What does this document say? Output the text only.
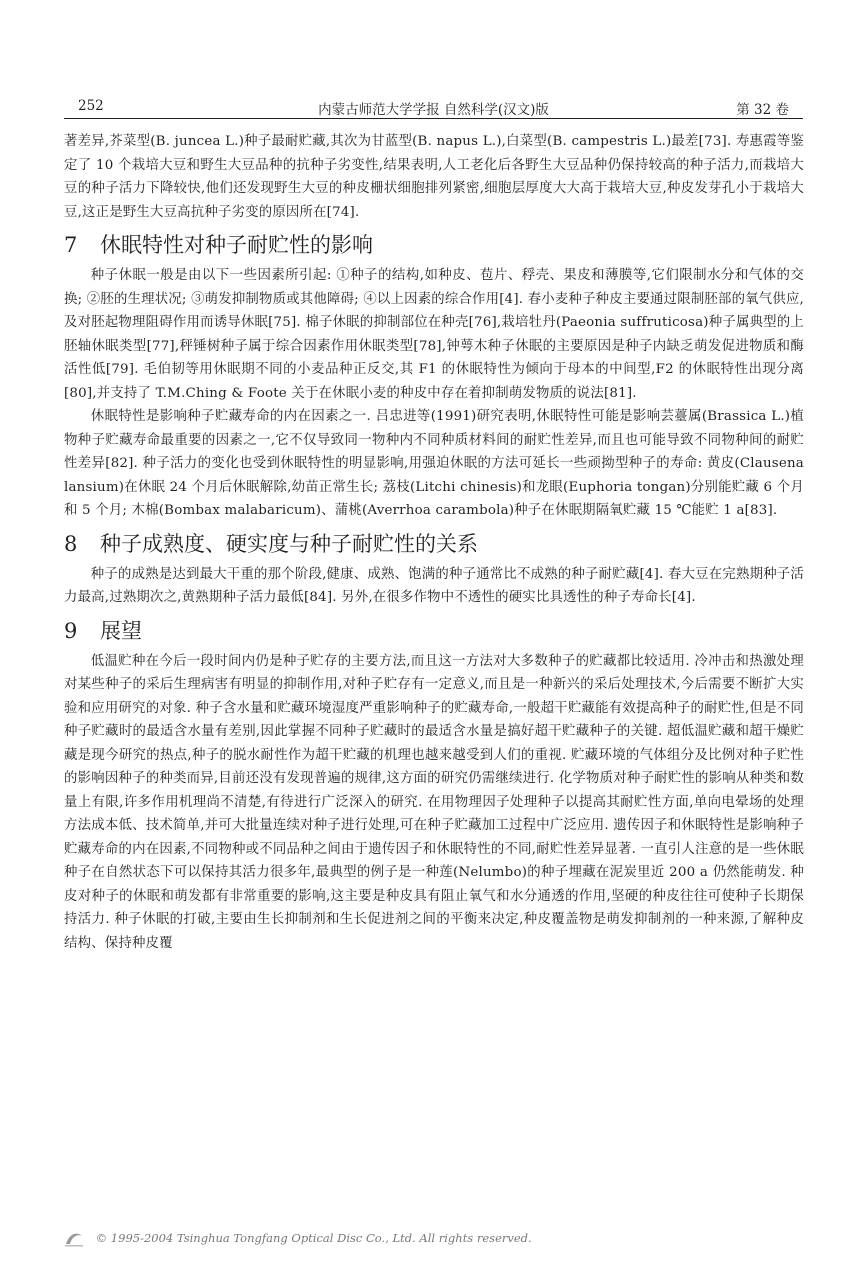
252	内蒙古师范大学学报 自然科学(汉文)版	第 32 卷

著差异,芥菜型(B. juncea L.)种子最耐贮藏,其次为甘蓝型(B. napus L.),白菜型(B. campestris L.)最差[73]. 寿惠霞等鉴定了 10 个栽培大豆和野生大豆品种的抗种子劣变性,结果表明,人工老化后各野生大豆品种仍保持较高的种子活力,而栽培大豆的种子活力下降较快,他们还发现野生大豆的种皮栅状细胞排列紧密,细胞层厚度大大高于栽培大豆,种皮发芽孔小于栽培大豆,这正是野生大豆高抗种子劣变的原因所在[74].

7 休眠特性对种子耐贮性的影响

种子休眠一般是由以下一些因素所引起: ①种子的结构,如种皮、苞片、稃壳、果皮和薄膜等,它们限制水分和气体的交换; ②胚的生理状况; ③萌发抑制物质或其他障碍; ④以上因素的综合作用[4]. 春小麦种子种皮主要通过限制胚部的氧气供应,及对胚起物理阻碍作用而诱导休眠[75]. 棉子休眠的抑制部位在种壳[76],栽培牡丹(Paeonia suffruticosa)种子属典型的上胚轴休眠类型[77],秤锤树种子属于综合因素作用休眠类型[78],钟萼木种子休眠的主要原因是种子内缺乏萌发促进物质和酶活性低[79]. 毛伯韧等用休眠期不同的小麦品种正反交,其 F1 的休眠特性为倾向于母本的中间型,F2 的休眠特性出现分离[80],并支持了 T.M.Ching & Foote 关于在休眠小麦的种皮中存在着抑制萌发物质的说法[81].

休眠特性是影响种子贮藏寿命的内在因素之一. 吕忠进等(1991)研究表明,休眠特性可能是影响芸薹属(Brassica L.)植物种子贮藏寿命最重要的因素之一,它不仅导致同一物种内不同种质材料间的耐贮性差异,而且也可能导致不同物种间的耐贮性差异[82]. 种子活力的变化也受到休眠特性的明显影响,用强迫休眠的方法可延长一些顽拗型种子的寿命: 黄皮(Clausena lansium)在休眠 24 个月后休眠解除,幼苗正常生长; 荔枝(Litchi chinesis)和龙眼(Euphoria tongan)分别能贮藏 6 个月和 5 个月; 木棉(Bombax malabaricum)、蒲桃(Averrhoa carambola)种子在休眠期隔氧贮藏 15 ℃能贮 1 a[83].

8 种子成熟度、硬实度与种子耐贮性的关系

种子的成熟是达到最大干重的那个阶段,健康、成熟、饱满的种子通常比不成熟的种子耐贮藏[4]. 春大豆在完熟期种子活力最高,过熟期次之,黄熟期种子活力最低[84]. 另外,在很多作物中不透性的硬实比具透性的种子寿命长[4].

9 展望

低温贮种在今后一段时间内仍是种子贮存的主要方法,而且这一方法对大多数种子的贮藏都比较适用. 冷冲击和热激处理对某些种子的采后生理病害有明显的抑制作用,对种子贮存有一定意义,而且是一种新兴的采后处理技术,今后需要不断扩大实验和应用研究的对象. 种子含水量和贮藏环境湿度严重影响种子的贮藏寿命,一般超干贮藏能有效提高种子的耐贮性,但是不同种子贮藏时的最适含水量有差别,因此掌握不同种子贮藏时的最适含水量是搞好超干贮藏种子的关键. 超低温贮藏和超干燥贮藏是现今研究的热点,种子的脱水耐性作为超干贮藏的机理也越来越受到人们的重视. 贮藏环境的气体组分及比例对种子贮性的影响因种子的种类而异,目前还没有发现普遍的规律,这方面的研究仍需继续进行. 化学物质对种子耐贮性的影响从种类和数量上有限,许多作用机理尚不清楚,有待进行广泛深入的研究. 在用物理因子处理种子以提高其耐贮性方面,单向电晕场的处理方法成本低、技术简单,并可大批量连续对种子进行处理,可在种子贮藏加工过程中广泛应用. 遗传因子和休眠特性是影响种子贮藏寿命的内在因素,不同物种或不同品种之间由于遗传因子和休眠特性的不同,耐贮性差异显著. 一直引人注意的是一些休眠种子在自然状态下可以保持其活力很多年,最典型的例子是一种莲(Nelumbo)的种子埋藏在泥炭里近 200 a 仍然能萌发. 种皮对种子的休眠和萌发都有非常重要的影响,这主要是种皮具有阻止氧气和水分通透的作用,坚硬的种皮往往可使种子长期保持活力. 种子休眠的打破,主要由生长抑制剂和生长促进剂之间的平衡来决定,种皮覆盖物是萌发抑制剂的一种来源,了解种皮结构、保持种皮覆

© 1995-2004 Tsinghua Tongfang Optical Disc Co., Ltd. All rights reserved.
